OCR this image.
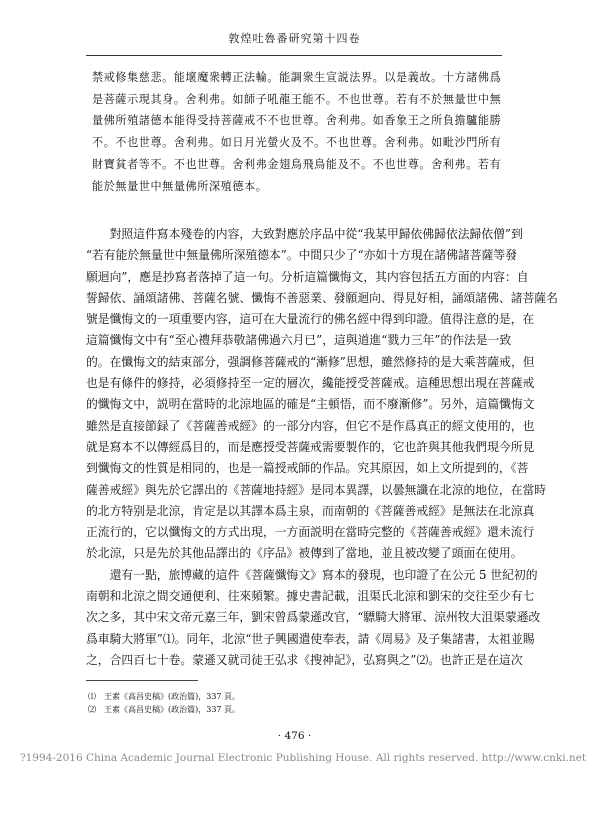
敦煌吐魯番研究第十四卷
禁戒修集慈悲。能壞魔衆轉正法輪。能調衆生宣説法界。以是義故。十方諸佛爲
是菩薩示現其身。舍利弗。如師子吼龍王能不。不也世尊。若有不於無量世中無
量佛所殖諸德本能得受持菩薩戒不不也世尊。舍利弗。如香象王之所負擔驢能勝
不。不也世尊。舍利弗。如日月光螢火及不。不也世尊。舍利弗。如毗沙門所有
財寶貧者等不。不也世尊。舍利弗金翅鳥飛鳥能及不。不也世尊。舍利弗。若有
能於無量世中無量佛所深殖德本。
　　對照這件寫本殘卷的内容，大致對應於序品中從“我某甲歸依佛歸依法歸依僧”到
“若有能於無量世中無量佛所深殖德本”。中間只少了“亦如十方現在諸佛諸菩薩等發
願迴向”，應是抄寫者落掉了這一句。分析這篇懺悔文，其内容包括五方面的内容：自
誓歸依、誦頌諸佛、菩薩名號、懺悔不善惡業、發願迴向、得見好相，誦頌諸佛、諸菩薩名
號是懺悔文的一項重要内容，這可在大量流行的佛名經中得到印證。值得注意的是，在
這篇懺悔文中有“至心禮拜恭敬諸佛過六月已”，這與道進“戮力三年”的作法是一致
的。在懺悔文的結束部分，强調修菩薩戒的“漸修”思想，雖然修持的是大乘菩薩戒，但
也是有條件的修持，必須修持至一定的層次，纔能授受菩薩戒。這種思想出現在菩薩戒
的懺悔文中，説明在當時的北涼地區的確是“主頓悟，而不廢漸修”。另外，這篇懺悔文
雖然是直接節録了《菩薩善戒經》的一部分内容，但它不是作爲真正的經文使用的，也
就是寫本不以傳經爲目的，而是應授受菩薩戒需要製作的，它也許與其他我們現今所見
到懺悔文的性質是相同的，也是一篇授戒師的作品。究其原因，如上文所提到的，《菩
薩善戒經》與先於它譯出的《菩薩地持經》是同本異譯，以曇無讖在北涼的地位，在當時
的北方特别是北涼，肯定是以其譯本爲主泉，而南朝的《菩薩善戒經》是無法在北涼真
正流行的，它以懺悔文的方式出現，一方面説明在當時完整的《菩薩善戒經》還未流行
於北涼，只是先於其他品譯出的《序品》被傳到了當地，並且被改變了頭面在使用。
　　還有一點，旅博藏的這件《菩薩懺悔文》寫本的發現，也印證了在公元 5 世紀初的
南朝和北涼之間交通便利、往來頻繁。據史書記載，沮渠氏北涼和劉宋的交往至少有七
次之多，其中宋文帝元嘉三年，劉宋曾爲蒙遜改官，“驃騎大將軍、涼州牧大沮渠蒙遜改
爲車騎大將軍”⑴。同年，北涼“世子興國遣使奉表，請《周易》及子集諸書，太祖並賜
之，合四百七十卷。蒙遜又就司徒王弘求《搜神記》，弘寫與之”⑵。也許正是在這次
⑴　王素《高昌史稿》(政治篇)，337 頁。
⑵　王素《高昌史稿》(政治篇)，337 頁。
· 476 ·
?1994-2016 China Academic Journal Electronic Publishing House. All rights reserved. http://www.cnki.net
